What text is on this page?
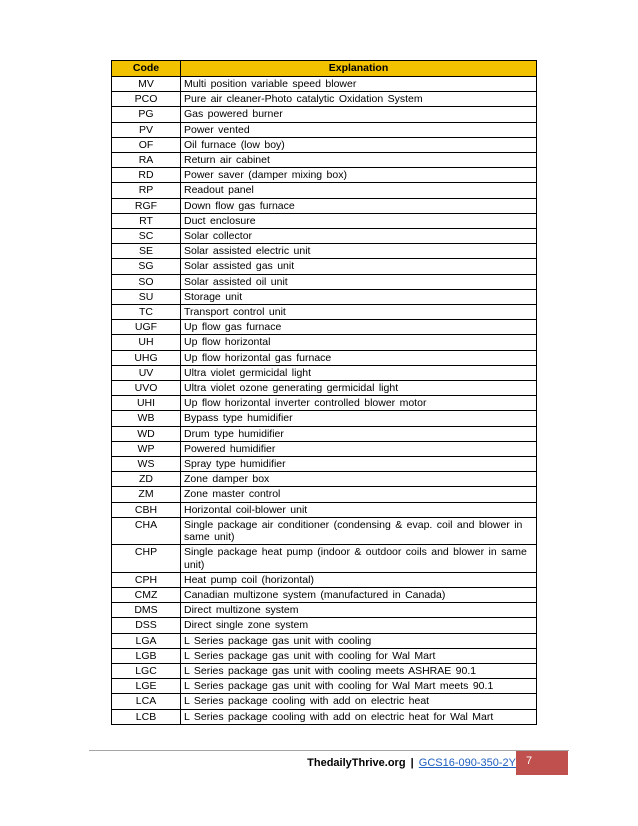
Code	Explanation
MV	Multi position variable speed blower
PCO	Pure air cleaner-Photo catalytic Oxidation System
PG	Gas powered burner
PV	Power vented
OF	Oil furnace (low boy)
RA	Return air cabinet
RD	Power saver (damper mixing box)
RP	Readout panel
RGF	Down flow gas furnace
RT	Duct enclosure
SC	Solar collector
SE	Solar assisted electric unit
SG	Solar assisted gas unit
SO	Solar assisted oil unit
SU	Storage unit
TC	Transport control unit
UGF	Up flow gas furnace
UH	Up flow horizontal
UHG	Up flow horizontal gas furnace
UV	Ultra violet germicidal light
UVO	Ultra violet ozone generating germicidal light
UHI	Up flow horizontal inverter controlled blower motor
WB	Bypass type humidifier
WD	Drum type humidifier
WP	Powered humidifier
WS	Spray type humidifier
ZD	Zone damper box
ZM	Zone master control
CBH	Horizontal coil-blower unit
CHA	Single package air conditioner (condensing & evap. coil and blower in same unit)
CHP	Single package heat pump (indoor & outdoor coils and blower in same unit)
CPH	Heat pump coil (horizontal)
CMZ	Canadian multizone system (manufactured in Canada)
DMS	Direct multizone system
DSS	Direct single zone system
LGA	L Series package gas unit with cooling
LGB	L Series package gas unit with cooling for Wal Mart
LGC	L Series package gas unit with cooling meets ASHRAE 90.1
LGE	L Series package gas unit with cooling for Wal Mart meets 90.1
LCA	L Series package cooling with add on electric heat
LCB	L Series package cooling with add on electric heat for Wal Mart
ThedailyThrive.org | GCS16-090-350-2Y 7
